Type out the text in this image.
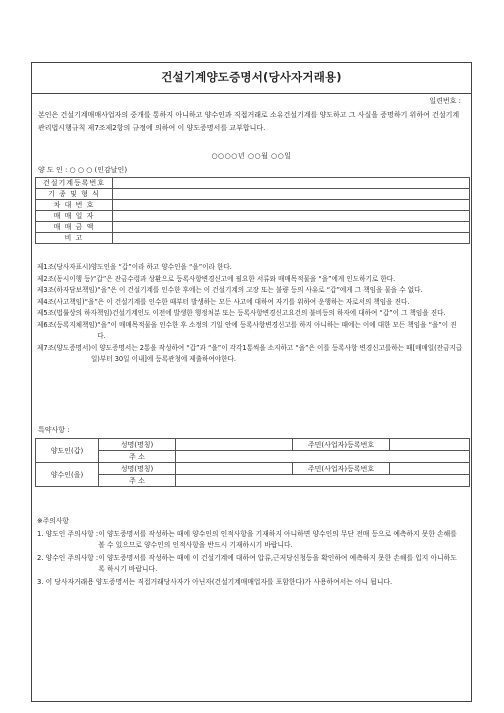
건설기계양도증명서(당사자거래용)
일련번호 :
본인은 건설기계매매사업자의 중개를 통하지 아니하고 양수인과 직접거래로 소유건설기계를 양도하고 그 사실을 증명하기 위하여 건설기계관리법시행규칙 제7조제2항의 규정에 의하여 이 양도증명서를 교부합니다.
○○○○년 ○○월 ○○일
양 도 인 : ○ ○ ○ (인감날인)
건설기계등록번호	
기 종 및 형 식	
차 대 번 호	
매 매 일 자	
매 매 금 액	
비 고	
제1조(당사자표시) 양도인을 “갑”이라 하고 양수인을 “을”이라 한다.
제2조(동시이행 등) “갑”은 잔금수령과 상환으로 등록사항변경신고에 필요한 서류와 매매목적물을 “을”에게 인도하기로 한다.
제3조(하자담보책임) “을”은 이 건설기계를 인수한 후에는 이 건설기계의 고장 또는 불량 등의 사유로 “갑”에게 그 책임을 물을 수 없다.
제4조(사고책임) “을”은 이 건설기계를 인수한 때부터 발생하는 모든 사고에 대하여 자기를 위하여 운행하는 자로서의 책임을 진다.
제5조(법률상의 하자책임) 건설기계인도 이전에 발생한 행정처분 또는 등록사항변경신고요건의 불비등의 하자에 대하여 “갑”이 그 책임을 진다.
제6조(등록지체책임) “을”이 매매목적물을 인수한 후 소정의 기일 안에 등록사항변경신고를 하지 아니하는 때에는 이에 대한 모든 책임을 “을”이 진다.
제7조(양도증명서) 이 양도증명서는 2통을 작성하여 “갑”과 “을”이 각각1통씩을 소지하고 “을”은 이를 등록사항 변경신고를하는 때[매매일(잔금지급일)부터 30일 이내]에 등록관청에 제출하여야한다.
특약사항 :
양도인(갑)	성명(명칭)		주민(사업자)등록번호	
	주 소			
양수인(을)	성명(명칭)		주민(사업자)등록번호	
	주 소			
※주의사항
1. 양도인 주의사항 : 이 양도증명서를 작성하는 때에 양수인의 인적사항을 기재하지 아니하면 양수인의 무단 전매 등으로 예측하지 못한 손해를 볼 수 있으므로 양수인의 인적사항을 반드시 기재하시기 바랍니다.
2. 양수인 주의사항 : 이 양도증명서를 작성하는 때에 이 건설기계에 대하여 압류,근저당신청등을 확인하여 예측하지 못한 손해를 입지 아니하도록 하시기 바랍니다.
3. 이 당사자거래용 양도증명서는 직접거래당사자가 아닌자(건설기계매매업자를 포함한다)가 사용하여서는 아니 됩니다.
